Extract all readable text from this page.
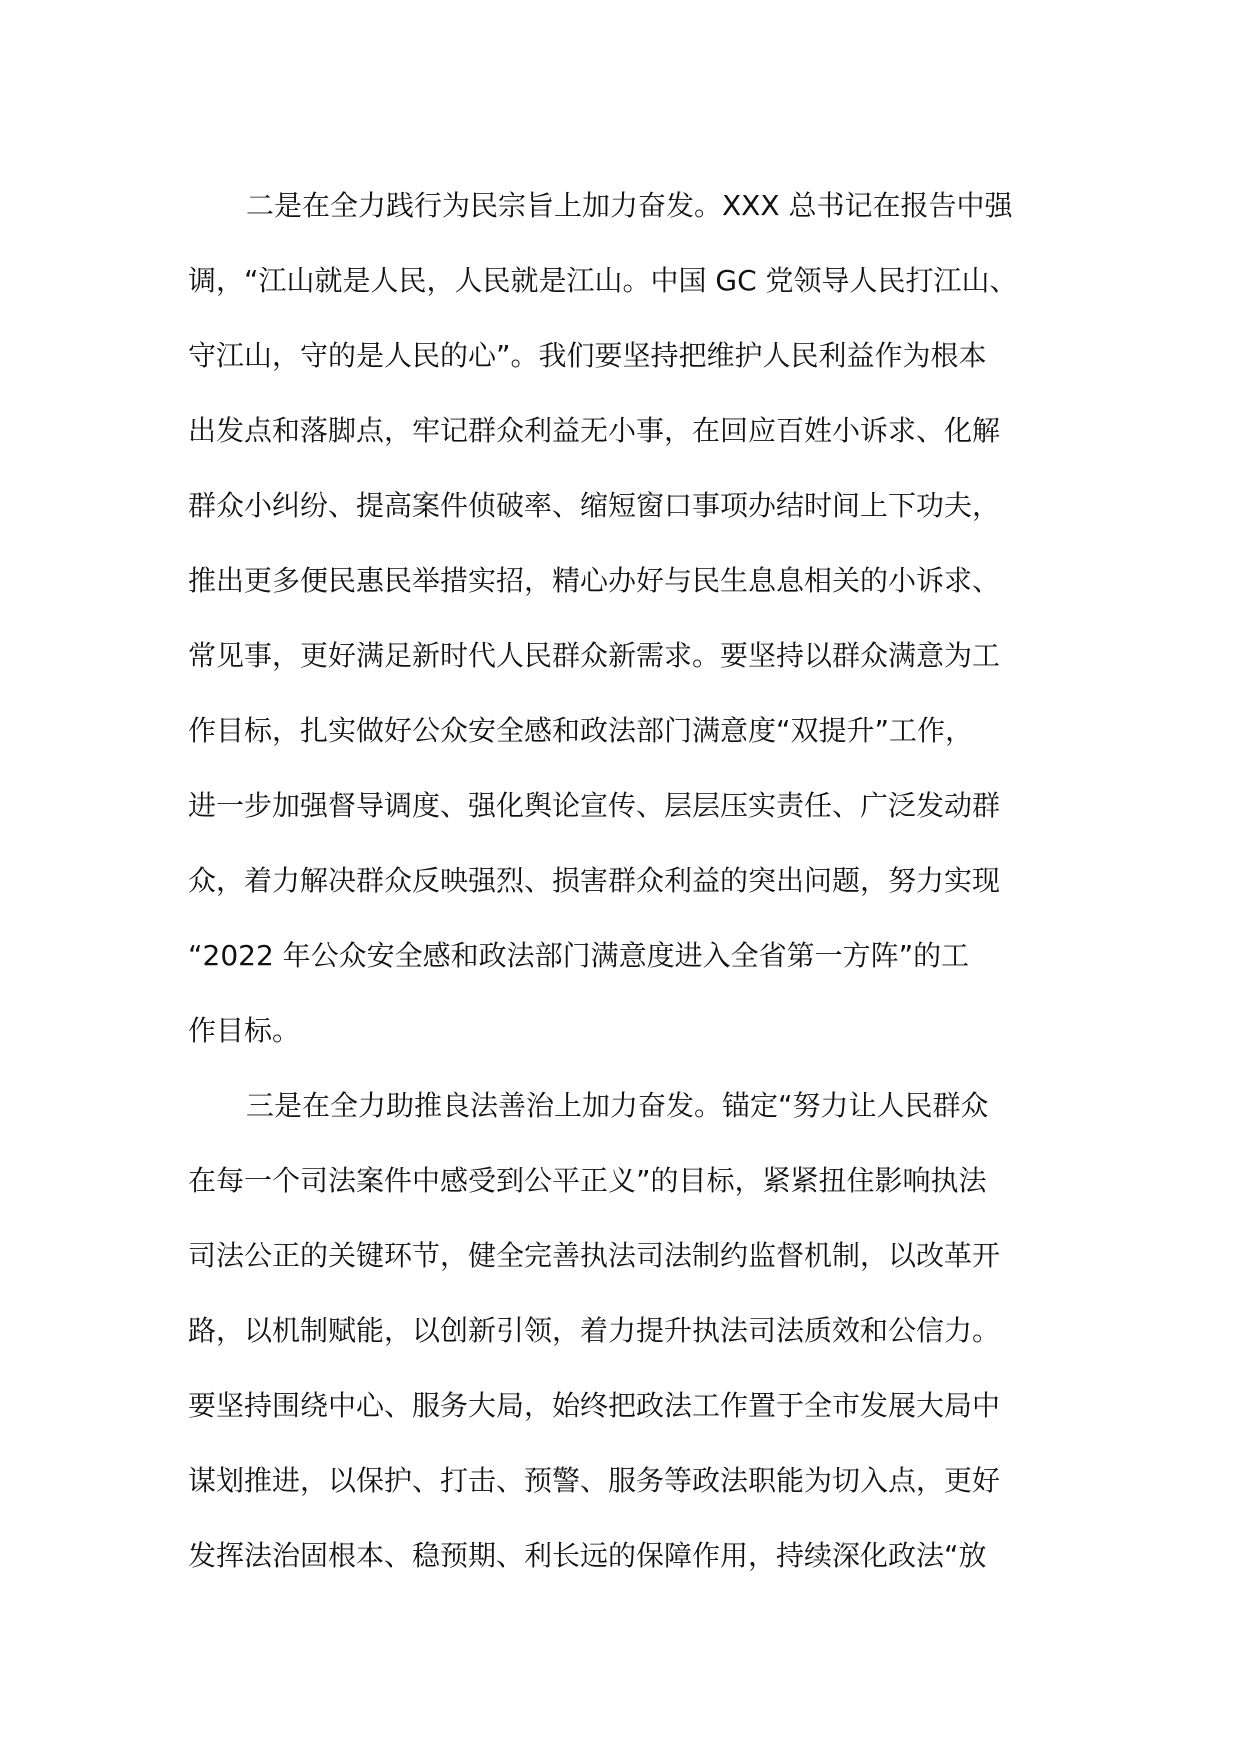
二是在全力践行为民宗旨上加力奋发。XXX 总书记在报告中强
调，“江山就是人民，人民就是江山。中国 GC 党领导人民打江山、
守江山，守的是人民的心”。我们要坚持把维护人民利益作为根本
出发点和落脚点，牢记群众利益无小事，在回应百姓小诉求、化解
群众小纠纷、提高案件侦破率、缩短窗口事项办结时间上下功夫，
推出更多便民惠民举措实招，精心办好与民生息息相关的小诉求、
常见事，更好满足新时代人民群众新需求。要坚持以群众满意为工
作目标，扎实做好公众安全感和政法部门满意度“双提升”工作，
进一步加强督导调度、强化舆论宣传、层层压实责任、广泛发动群
众，着力解决群众反映强烈、损害群众利益的突出问题，努力实现
“2022 年公众安全感和政法部门满意度进入全省第一方阵”的工
作目标。
三是在全力助推良法善治上加力奋发。锚定“努力让人民群众
在每一个司法案件中感受到公平正义”的目标，紧紧扭住影响执法
司法公正的关键环节，健全完善执法司法制约监督机制，以改革开
路，以机制赋能，以创新引领，着力提升执法司法质效和公信力。
要坚持围绕中心、服务大局，始终把政法工作置于全市发展大局中
谋划推进，以保护、打击、预警、服务等政法职能为切入点，更好
发挥法治固根本、稳预期、利长远的保障作用，持续深化政法“放
